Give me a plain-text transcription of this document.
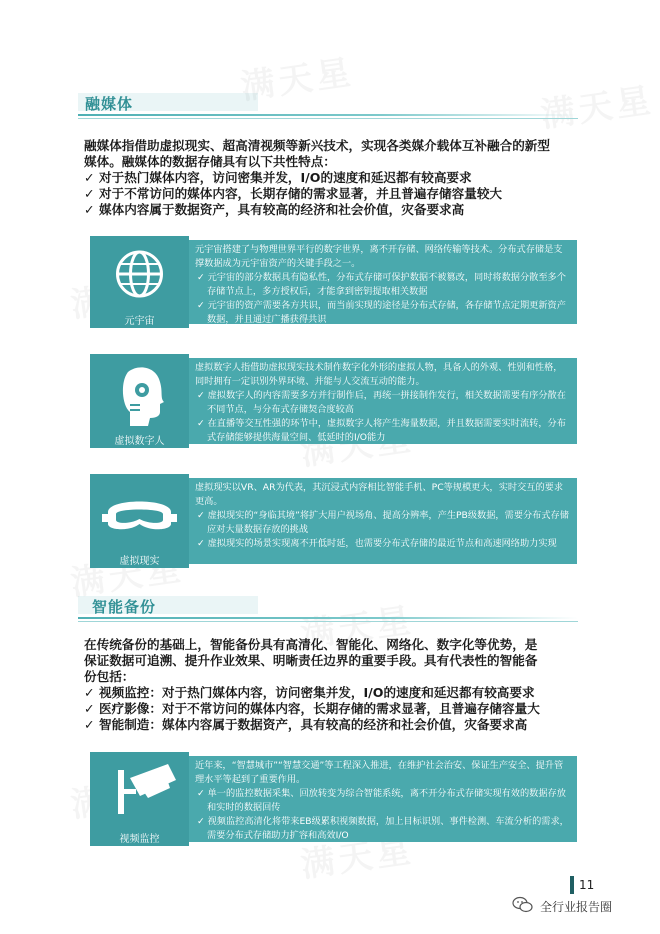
融媒体
融媒体指借助虚拟现实、超高清视频等新兴技术，实现各类媒介载体互补融合的新型
媒体。融媒体的数据存储具有以下共性特点：
✓ 对于热门媒体内容，访问密集并发，I/O的速度和延迟都有较高要求
✓ 对于不常访问的媒体内容，长期存储的需求显著，并且普遍存储容量较大
✓ 媒体内容属于数据资产，具有较高的经济和社会价值，灾备要求高
元宇宙
元宇宙搭建了与物理世界平行的数字世界，离不开存储、网络传输等技术。分布式存储是支撑数据成为元宇宙资产的关键手段之一。
✓ 元宇宙的部分数据具有隐私性，分布式存储可保护数据不被篡改，同时将数据分散至多个存储节点上，多方授权后，才能拿到密钥提取相关数据
✓ 元宇宙的资产需要各方共识，而当前实现的途径是分布式存储，各存储节点定期更新资产数据，并且通过广播获得共识
虚拟数字人
虚拟数字人指借助虚拟现实技术制作数字化外形的虚拟人物，具备人的外观、性别和性格，同时拥有一定识别外界环境、并能与人交流互动的能力。
✓ 虚拟数字人的内容需要多方并行制作后，再统一拼接制作发行，相关数据需要有序分散在不同节点，与分布式存储契合度较高
✓ 在直播等交互性强的环节中，虚拟数字人将产生海量数据，并且数据需要实时流转，分布式存储能够提供海量空间、低延时的I/O能力
虚拟现实
虚拟现实以VR、AR为代表，其沉浸式内容相比智能手机、PC等规模更大，实时交互的要求更高。
✓ 虚拟现实的“身临其境”将扩大用户视场角、提高分辨率，产生PB级数据，需要分布式存储应对大量数据存放的挑战
✓ 虚拟现实的场景实现离不开低时延，也需要分布式存储的最近节点和高速网络助力实现
智能备份
在传统备份的基础上，智能备份具有高清化、智能化、网络化、数字化等优势，是
保证数据可追溯、提升作业效果、明晰责任边界的重要手段。具有代表性的智能备
份包括：
✓ 视频监控：对于热门媒体内容，访问密集并发，I/O的速度和延迟都有较高要求
✓ 医疗影像：对于不常访问的媒体内容，长期存储的需求显著，且普遍存储容量大
✓ 智能制造：媒体内容属于数据资产，具有较高的经济和社会价值，灾备要求高
视频监控
近年来，“智慧城市”“智慧交通”等工程深入推进，在维护社会治安、保证生产安全、提升管理水平等起到了重要作用。
✓ 单一的监控数据采集、回放转变为综合智能系统，离不开分布式存储实现有效的数据存放和实时的数据回传
✓ 视频监控高清化将带来EB级累积视频数据，加上目标识别、事件检测、车流分析的需求，需要分布式存储助力扩容和高效I/O
11
全行业报告圈
